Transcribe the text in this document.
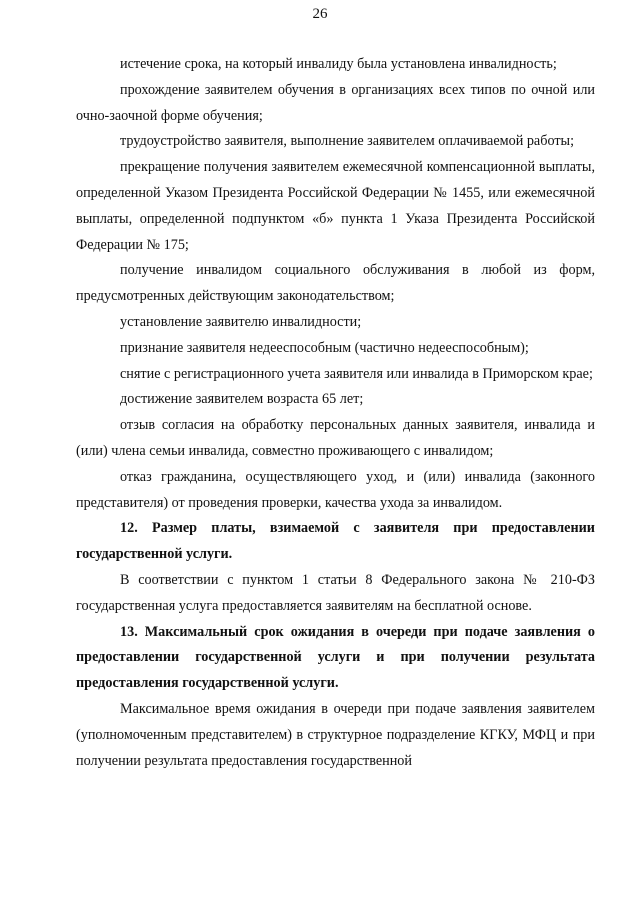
26

истечение срока, на который инвалиду была установлена инвалидность;

прохождение заявителем обучения в организациях всех типов по очной или очно-заочной форме обучения;

трудоустройство заявителя, выполнение заявителем оплачиваемой работы;

прекращение получения заявителем ежемесячной компенсационной выплаты, определенной Указом Президента Российской Федерации № 1455, или ежемесячной выплаты, определенной подпунктом «б» пункта 1 Указа Президента Российской Федерации № 175;

получение инвалидом социального обслуживания в любой из форм, предусмотренных действующим законодательством;

установление заявителю инвалидности;

признание заявителя недееспособным (частично недееспособным);

снятие с регистрационного учета заявителя или инвалида в Приморском крае;

достижение заявителем возраста 65 лет;

отзыв согласия на обработку персональных данных заявителя, инвалида и (или) члена семьи инвалида, совместно проживающего с инвалидом;

отказ гражданина, осуществляющего уход, и (или) инвалида (законного представителя) от проведения проверки, качества ухода за инвалидом.

12. Размер платы, взимаемой с заявителя при предоставлении государственной услуги.

В соответствии с пунктом 1 статьи 8 Федерального закона № 210-ФЗ государственная услуга предоставляется заявителям на бесплатной основе.

13. Максимальный срок ожидания в очереди при подаче заявления о предоставлении государственной услуги и при получении результата предоставления государственной услуги.

Максимальное время ожидания в очереди при подаче заявления заявителем (уполномоченным представителем) в структурное подразделение КГКУ, МФЦ и при получении результата предоставления государственной
